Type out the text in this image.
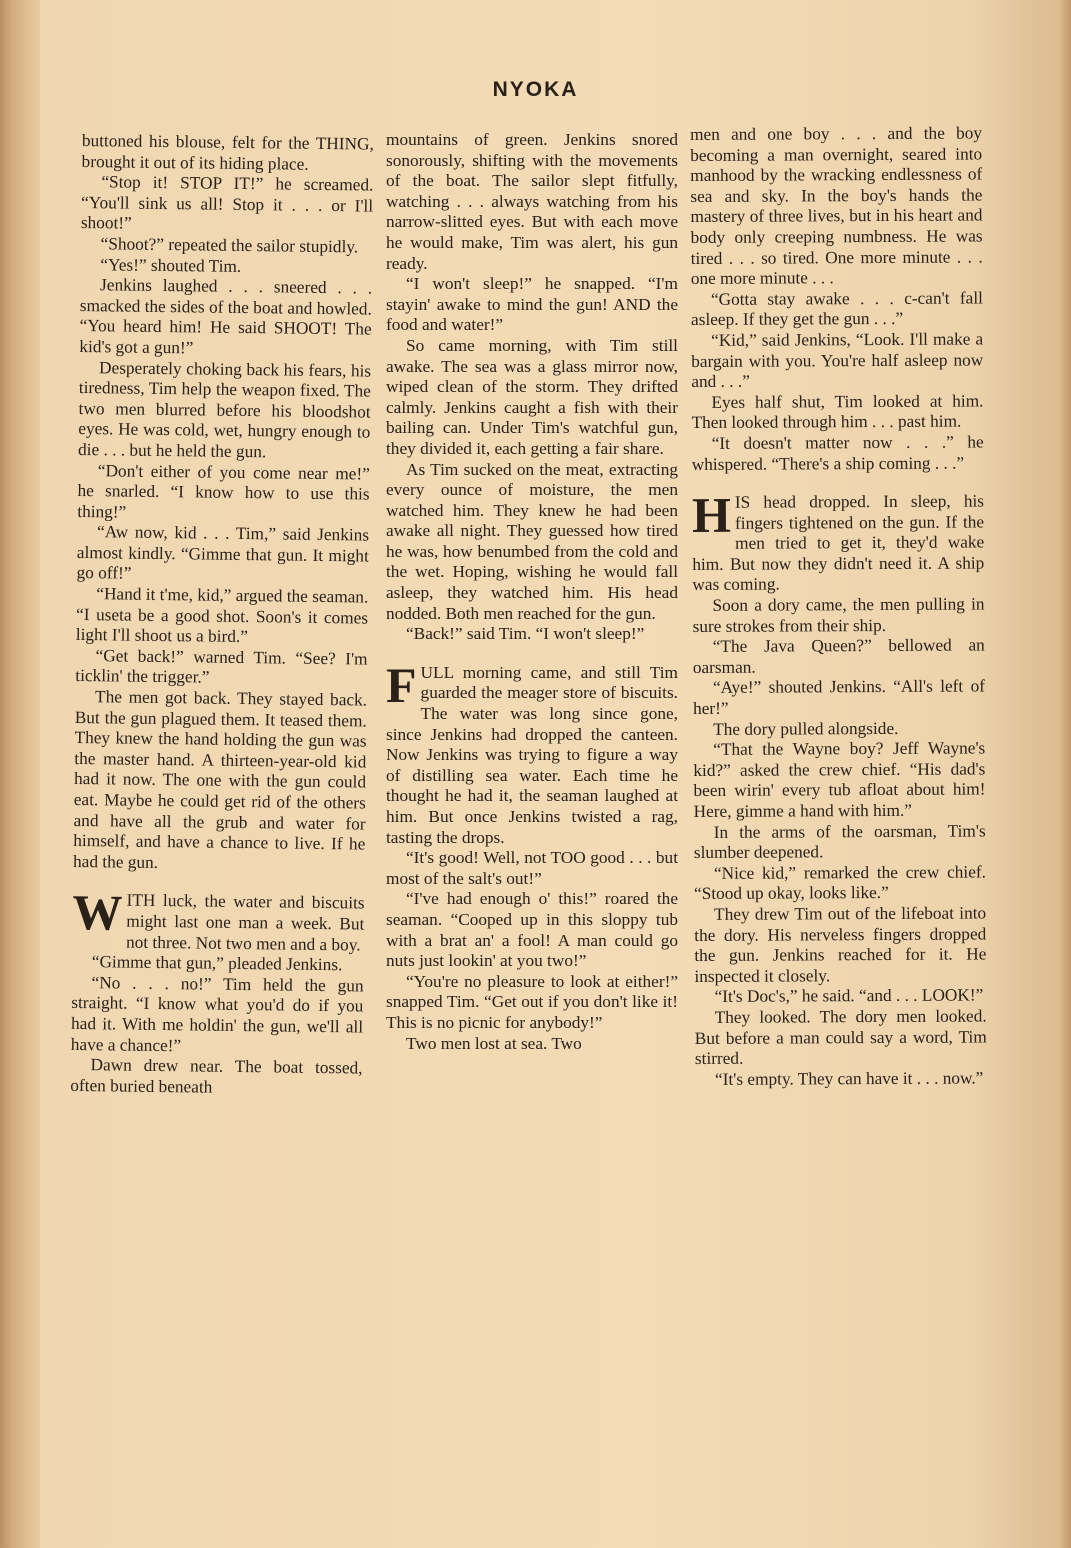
NYOKA

buttoned his blouse, felt for the THING, brought it out of its hiding place.

“Stop it! STOP IT!” he screamed. “You'll sink us all! Stop it . . . or I'll shoot!”

“Shoot?” repeated the sailor stupidly.

“Yes!” shouted Tim.

Jenkins laughed . . . sneered . . . smacked the sides of the boat and howled. “You heard him! He said SHOOT! The kid's got a gun!”

Desperately choking back his fears, his tiredness, Tim help the weapon fixed. The two men blurred before his bloodshot eyes. He was cold, wet, hungry enough to die . . . but he held the gun.

“Don't either of you come near me!” he snarled. “I know how to use this thing!”

“Aw now, kid . . . Tim,” said Jenkins almost kindly. “Gimme that gun. It might go off!”

“Hand it t'me, kid,” argued the seaman. “I useta be a good shot. Soon's it comes light I'll shoot us a bird.”

“Get back!” warned Tim. “See? I'm ticklin' the trigger.”

The men got back. They stayed back. But the gun plagued them. It teased them. They knew the hand holding the gun was the master hand. A thirteen-year-old kid had it now. The one with the gun could eat. Maybe he could get rid of the others and have all the grub and water for himself, and have a chance to live. If he had the gun.

WITH luck, the water and biscuits might last one man a week. But not three. Not two men and a boy.

“Gimme that gun,” pleaded Jenkins.

“No . . . no!” Tim held the gun straight. “I know what you'd do if you had it. With me holdin' the gun, we'll all have a chance!”

Dawn drew near. The boat tossed, often buried beneath

mountains of green. Jenkins snored sonorously, shifting with the movements of the boat. The sailor slept fitfully, watching . . . always watching from his narrow-slitted eyes. But with each move he would make, Tim was alert, his gun ready.

“I won't sleep!” he snapped. “I'm stayin' awake to mind the gun! AND the food and water!”

So came morning, with Tim still awake. The sea was a glass mirror now, wiped clean of the storm. They drifted calmly. Jenkins caught a fish with their bailing can. Under Tim's watchful gun, they divided it, each getting a fair share.

As Tim sucked on the meat, extracting every ounce of moisture, the men watched him. They knew he had been awake all night. They guessed how tired he was, how benumbed from the cold and the wet. Hoping, wishing he would fall asleep, they watched him. His head nodded. Both men reached for the gun.

“Back!” said Tim. “I won't sleep!”

FULL morning came, and still Tim guarded the meager store of biscuits. The water was long since gone, since Jenkins had dropped the canteen. Now Jenkins was trying to figure a way of distilling sea water. Each time he thought he had it, the seaman laughed at him. But once Jenkins twisted a rag, tasting the drops.

“It's good! Well, not TOO good . . . but most of the salt's out!”

“I've had enough o' this!” roared the seaman. “Cooped up in this sloppy tub with a brat an' a fool! A man could go nuts just lookin' at you two!”

“You're no pleasure to look at either!” snapped Tim. “Get out if you don't like it! This is no picnic for anybody!”

Two men lost at sea. Two

men and one boy . . . and the boy becoming a man overnight, seared into manhood by the wracking endlessness of sea and sky. In the boy's hands the mastery of three lives, but in his heart and body only creeping numbness. He was tired . . . so tired. One more minute . . . one more minute . . .

“Gotta stay awake . . . c-can't fall asleep. If they get the gun . . .”

“Kid,” said Jenkins, “Look. I'll make a bargain with you. You're half asleep now and . . .”

Eyes half shut, Tim looked at him. Then looked through him . . . past him.

“It doesn't matter now . . .” he whispered. “There's a ship coming . . .”

HIS head dropped. In sleep, his fingers tightened on the gun. If the men tried to get it, they'd wake him. But now they didn't need it. A ship was coming.

Soon a dory came, the men pulling in sure strokes from their ship.

“The Java Queen?” bellowed an oarsman.

“Aye!” shouted Jenkins. “All's left of her!”

The dory pulled alongside.

“That the Wayne boy? Jeff Wayne's kid?” asked the crew chief. “His dad's been wirin' every tub afloat about him! Here, gimme a hand with him.”

In the arms of the oarsman, Tim's slumber deepened.

“Nice kid,” remarked the crew chief. “Stood up okay, looks like.”

They drew Tim out of the lifeboat into the dory. His nerveless fingers dropped the gun. Jenkins reached for it. He inspected it closely.

“It's Doc's,” he said. “and . . . LOOK!”

They looked. The dory men looked. But before a man could say a word, Tim stirred.

“It's empty. They can have it . . . now.”
